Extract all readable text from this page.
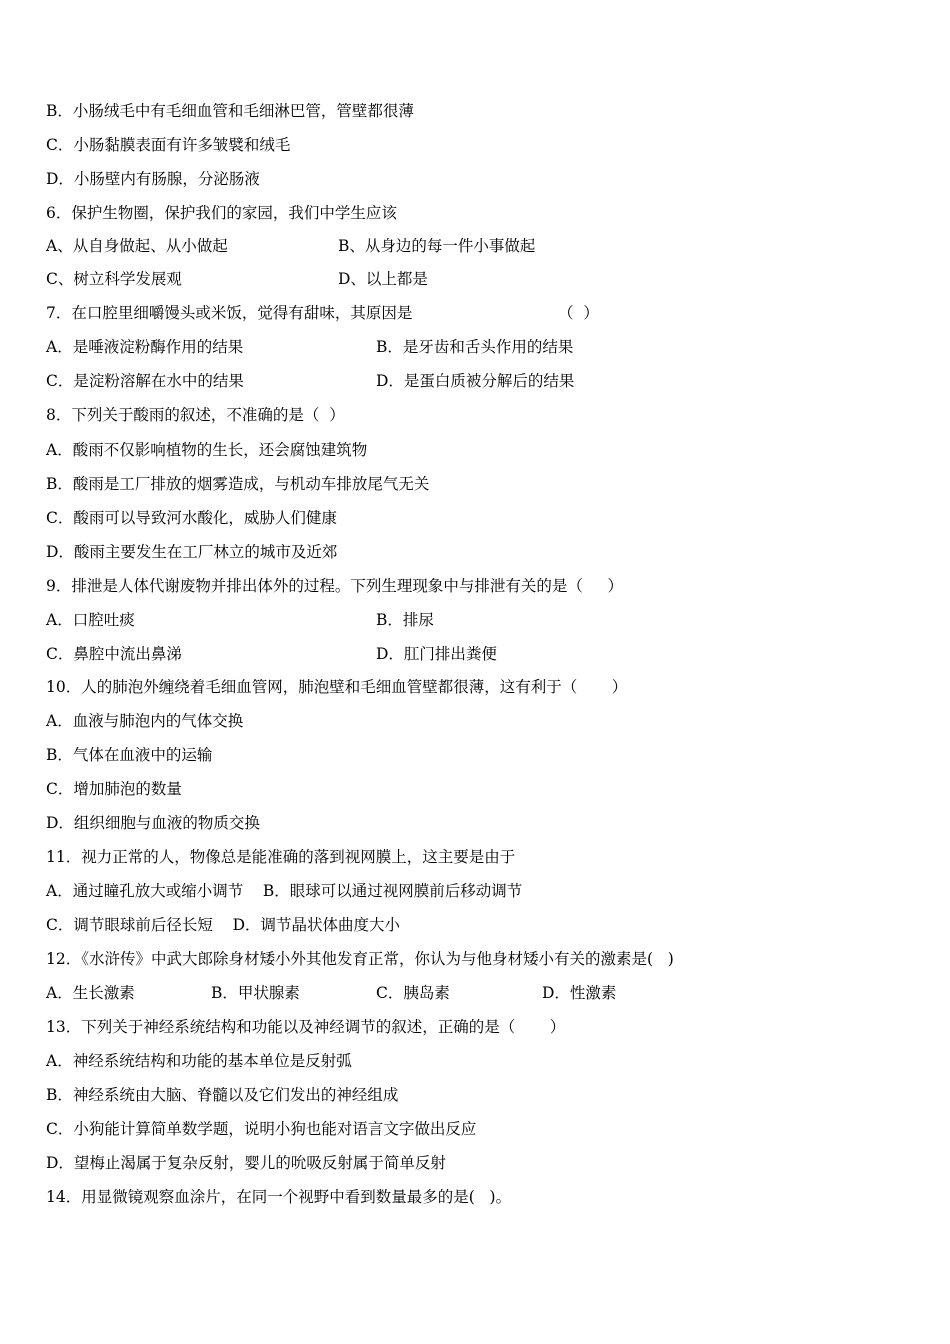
B．小肠绒毛中有毛细血管和毛细淋巴管，管壁都很薄
C．小肠黏膜表面有许多皱襞和绒毛
D．小肠壁内有肠腺，分泌肠液
6．保护生物圈，保护我们的家园，我们中学生应该
A、从自身做起、从小做起	B、从身边的每一件小事做起
C、树立科学发展观	D、以上都是
7．在口腔里细嚼馒头或米饭，觉得有甜味，其原因是	（  ）
A．是唾液淀粉酶作用的结果	B．是牙齿和舌头作用的结果
C．是淀粉溶解在水中的结果	D．是蛋白质被分解后的结果
8．下列关于酸雨的叙述，不准确的是（  ）
A．酸雨不仅影响植物的生长，还会腐蚀建筑物
B．酸雨是工厂排放的烟雾造成，与机动车排放尾气无关
C．酸雨可以导致河水酸化，威胁人们健康
D．酸雨主要发生在工厂林立的城市及近郊
9．排泄是人体代谢废物并排出体外的过程。下列生理现象中与排泄有关的是（     ）
A．口腔吐痰	B．排尿
C．鼻腔中流出鼻涕	D．肛门排出粪便
10．人的肺泡外缠绕着毛细血管网，肺泡壁和毛细血管壁都很薄，这有利于（       ）
A．血液与肺泡内的气体交换
B．气体在血液中的运输
C．增加肺泡的数量
D．组织细胞与血液的物质交换
11．视力正常的人，物像总是能准确的落到视网膜上，这主要是由于
A．通过瞳孔放大或缩小调节    B．眼球可以通过视网膜前后移动调节
C．调节眼球前后径长短    D．调节晶状体曲度大小
12．《水浒传》中武大郎除身材矮小外其他发育正常，你认为与他身材矮小有关的激素是(   )
A．生长激素	B．甲状腺素	C．胰岛素	D．性激素
13．下列关于神经系统结构和功能以及神经调节的叙述，正确的是（       ）
A．神经系统结构和功能的基本单位是反射弧
B．神经系统由大脑、脊髓以及它们发出的神经组成
C．小狗能计算简单数学题，说明小狗也能对语言文字做出反应
D．望梅止渴属于复杂反射，婴儿的吮吸反射属于简单反射
14．用显微镜观察血涂片，在同一个视野中看到数量最多的是(   )。
